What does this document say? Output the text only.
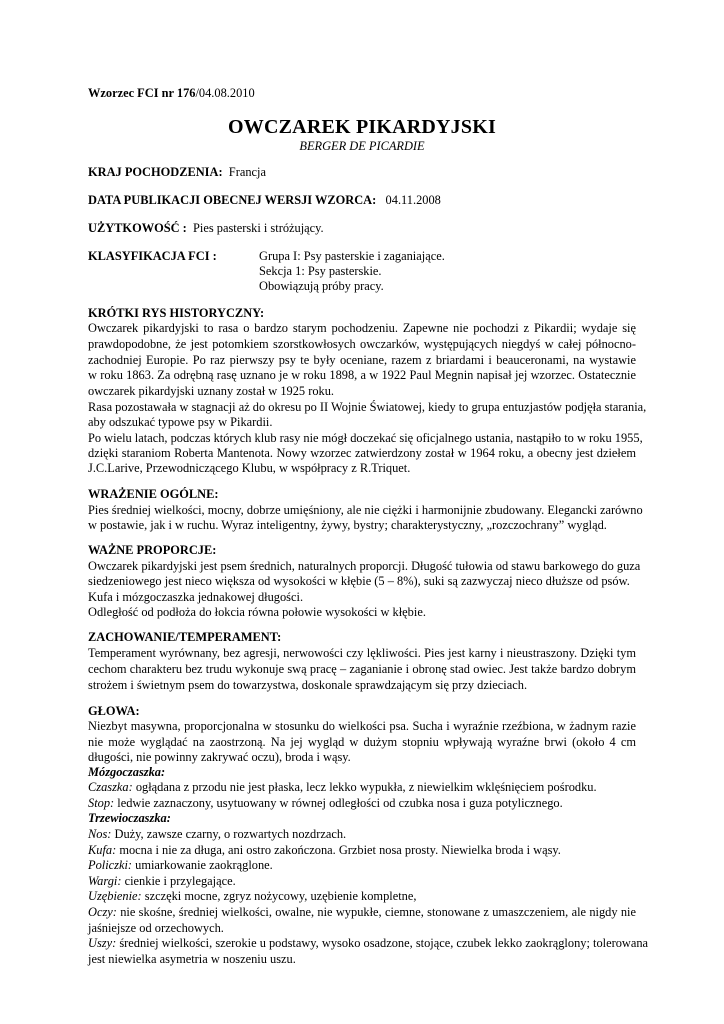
Wzorzec FCI nr 176/04.08.2010
OWCZAREK PIKARDYJSKI
BERGER DE PICARDIE
KRAJ POCHODZENIA: Francja
DATA PUBLIKACJI OBECNEJ WERSJI WZORCA: 04.11.2008
UŻYTKOWOŚĆ : Pies pasterski i stróżujący.
KLASYFIKACJA FCI :	Grupa I: Psy pasterskie i zaganiające.
Sekcja 1: Psy pasterskie.
Obowiązują próby pracy.
KRÓTKI RYS HISTORYCZNY:
Owczarek pikardyjski to rasa o bardzo starym pochodzeniu. Zapewne nie pochodzi z Pikardii; wydaje się
prawdopodobne, że jest potomkiem szorstkowłosych owczarków, występujących niegdyś w całej północno-
zachodniej Europie. Po raz pierwszy psy te były oceniane, razem z briardami i beauceronami, na wystawie
w roku 1863. Za odrębną rasę uznano je w roku 1898, a w 1922 Paul Megnin napisał jej wzorzec. Ostatecznie
owczarek pikardyjski uznany został w 1925 roku.
Rasa pozostawała w stagnacji aż do okresu po II Wojnie Światowej, kiedy to grupa entuzjastów podjęła starania,
aby odszukać typowe psy w Pikardii.
Po wielu latach, podczas których klub rasy nie mógł doczekać się oficjalnego ustania, nastąpiło to w roku 1955,
dzięki staraniom Roberta Mantenota. Nowy wzorzec zatwierdzony został w 1964 roku, a obecny jest dziełem
J.C.Larive, Przewodniczącego Klubu, w współpracy z R.Triquet.
WRAŻENIE OGÓLNE:
Pies średniej wielkości, mocny, dobrze umięśniony, ale nie ciężki i harmonijnie zbudowany. Elegancki zarówno
w postawie, jak i w ruchu. Wyraz inteligentny, żywy, bystry; charakterystyczny, „rozczochrany” wygląd.
WAŻNE PROPORCJE:
Owczarek pikardyjski jest psem średnich, naturalnych proporcji. Długość tułowia od stawu barkowego do guza
siedzeniowego jest nieco większa od wysokości w kłębie (5 – 8%), suki są zazwyczaj nieco dłuższe od psów.
Kufa i mózgoczaszka jednakowej długości.
Odległość od podłoża do łokcia równa połowie wysokości w kłębie.
ZACHOWANIE/TEMPERAMENT:
Temperament wyrównany, bez agresji, nerwowości czy lękliwości. Pies jest karny i nieustraszony. Dzięki tym
cechom charakteru bez trudu wykonuje swą pracę – zaganianie i obronę stad owiec. Jest także bardzo dobrym
strożem i świetnym psem do towarzystwa, doskonale sprawdzającym się przy dzieciach.
GŁOWA:
Niezbyt masywna, proporcjonalna w stosunku do wielkości psa. Sucha i wyraźnie rzeźbiona, w żadnym razie
nie może wyglądać na zaostrzoną. Na jej wygląd w dużym stopniu wpływają wyraźne brwi (około 4 cm
długości, nie powinny zakrywać oczu), broda i wąsy.
Mózgoczaszka:
Czaszka: ogłądana z przodu nie jest płaska, lecz lekko wypukła, z niewielkim wklęśnięciem pośrodku.
Stop: ledwie zaznaczony, usytuowany w równej odległości od czubka nosa i guza potylicznego.
Trzewioczaszka:
Nos: Duży, zawsze czarny, o rozwartych nozdrzach.
Kufa: mocna i nie za długa, ani ostro zakończona. Grzbiet nosa prosty. Niewielka broda i wąsy.
Policzki: umiarkowanie zaokrąglone.
Wargi: cienkie i przylegające.
Uzębienie: szczęki mocne, zgryz nożycowy, uzębienie kompletne,
Oczy: nie skośne, średniej wielkości, owalne, nie wypukłe, ciemne, stonowane z umaszczeniem, ale nigdy nie
jaśniejsze od orzechowych.
Uszy: średniej wielkości, szerokie u podstawy, wysoko osadzone, stojące, czubek lekko zaokrąglony; tolerowana
jest niewielka asymetria w noszeniu uszu.
